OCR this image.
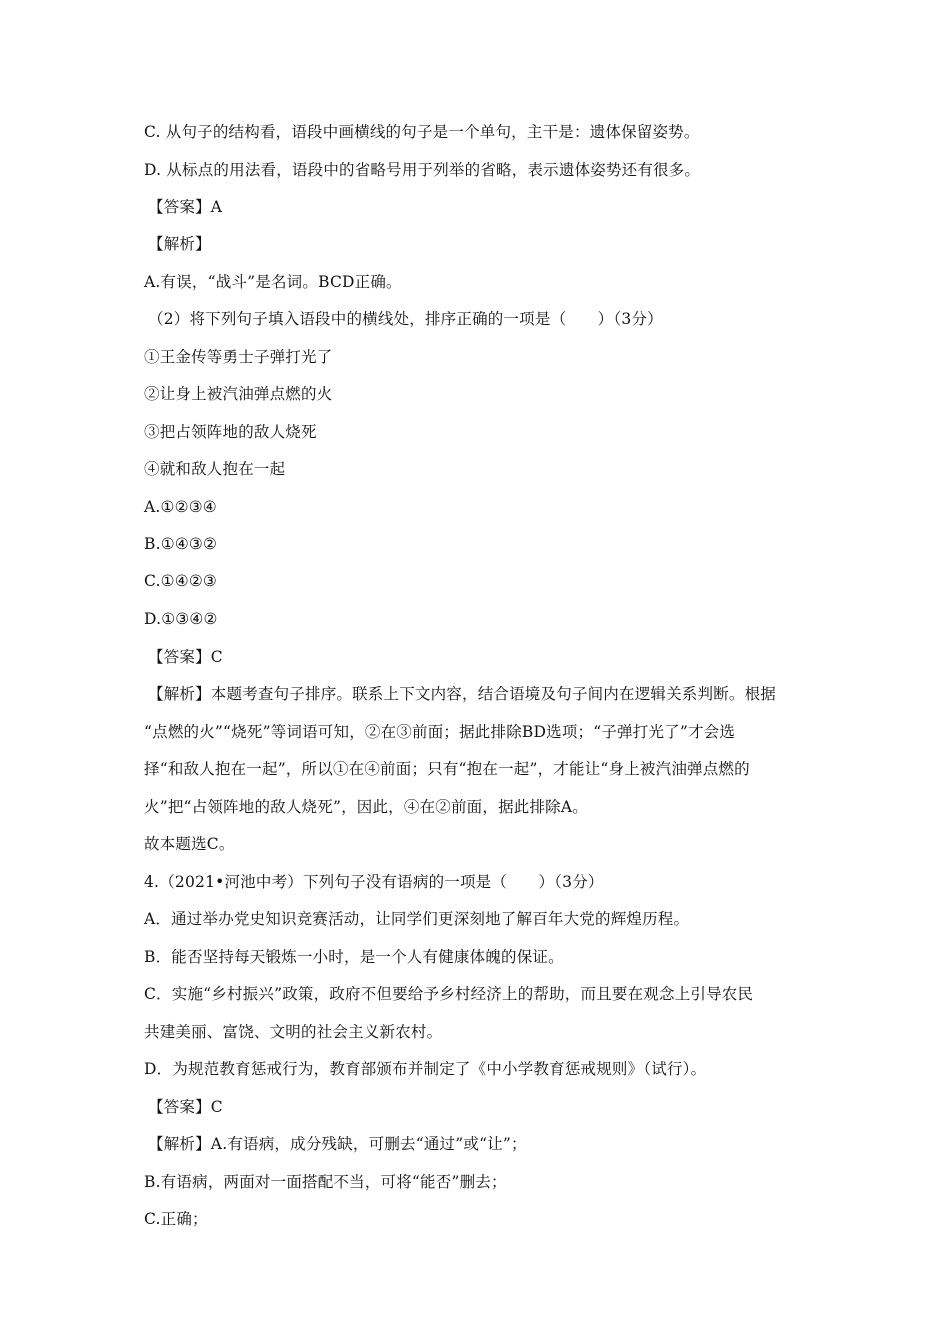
C. 从句子的结构看，语段中画横线的句子是一个单句，主干是：遗体保留姿势。
D. 从标点的用法看，语段中的省略号用于列举的省略，表示遗体姿势还有很多。
【答案】A
【解析】
A.有误，“战斗”是名词。BCD正确。
（2）将下列句子填入语段中的横线处，排序正确的一项是（　　）（3分）
①王金传等勇士子弹打光了
②让身上被汽油弹点燃的火
③把占领阵地的敌人烧死
④就和敌人抱在一起
A.①②③④
B.①④③②
C.①④②③
D.①③④②
【答案】C
【解析】本题考查句子排序。联系上下文内容，结合语境及句子间内在逻辑关系判断。根据
“点燃的火”“烧死”等词语可知，②在③前面；据此排除BD选项；“子弹打光了”才会选
择“和敌人抱在一起”，所以①在④前面；只有“抱在一起”，才能让“身上被汽油弹点燃的
火”把“占领阵地的敌人烧死”，因此，④在②前面，据此排除A。
故本题选C。
4.（2021•河池中考）下列句子没有语病的一项是（　　）（3分）
A．通过举办党史知识竞赛活动，让同学们更深刻地了解百年大党的辉煌历程。
B．能否坚持每天锻炼一小时，是一个人有健康体魄的保证。
C．实施“乡村振兴”政策，政府不但要给予乡村经济上的帮助，而且要在观念上引导农民
共建美丽、富饶、文明的社会主义新农村。
D．为规范教育惩戒行为，教育部颁布并制定了《中小学教育惩戒规则》（试行）。
【答案】C
【解析】A.有语病，成分残缺，可删去“通过”或“让”；
B.有语病，两面对一面搭配不当，可将“能否”删去；
C.正确；
